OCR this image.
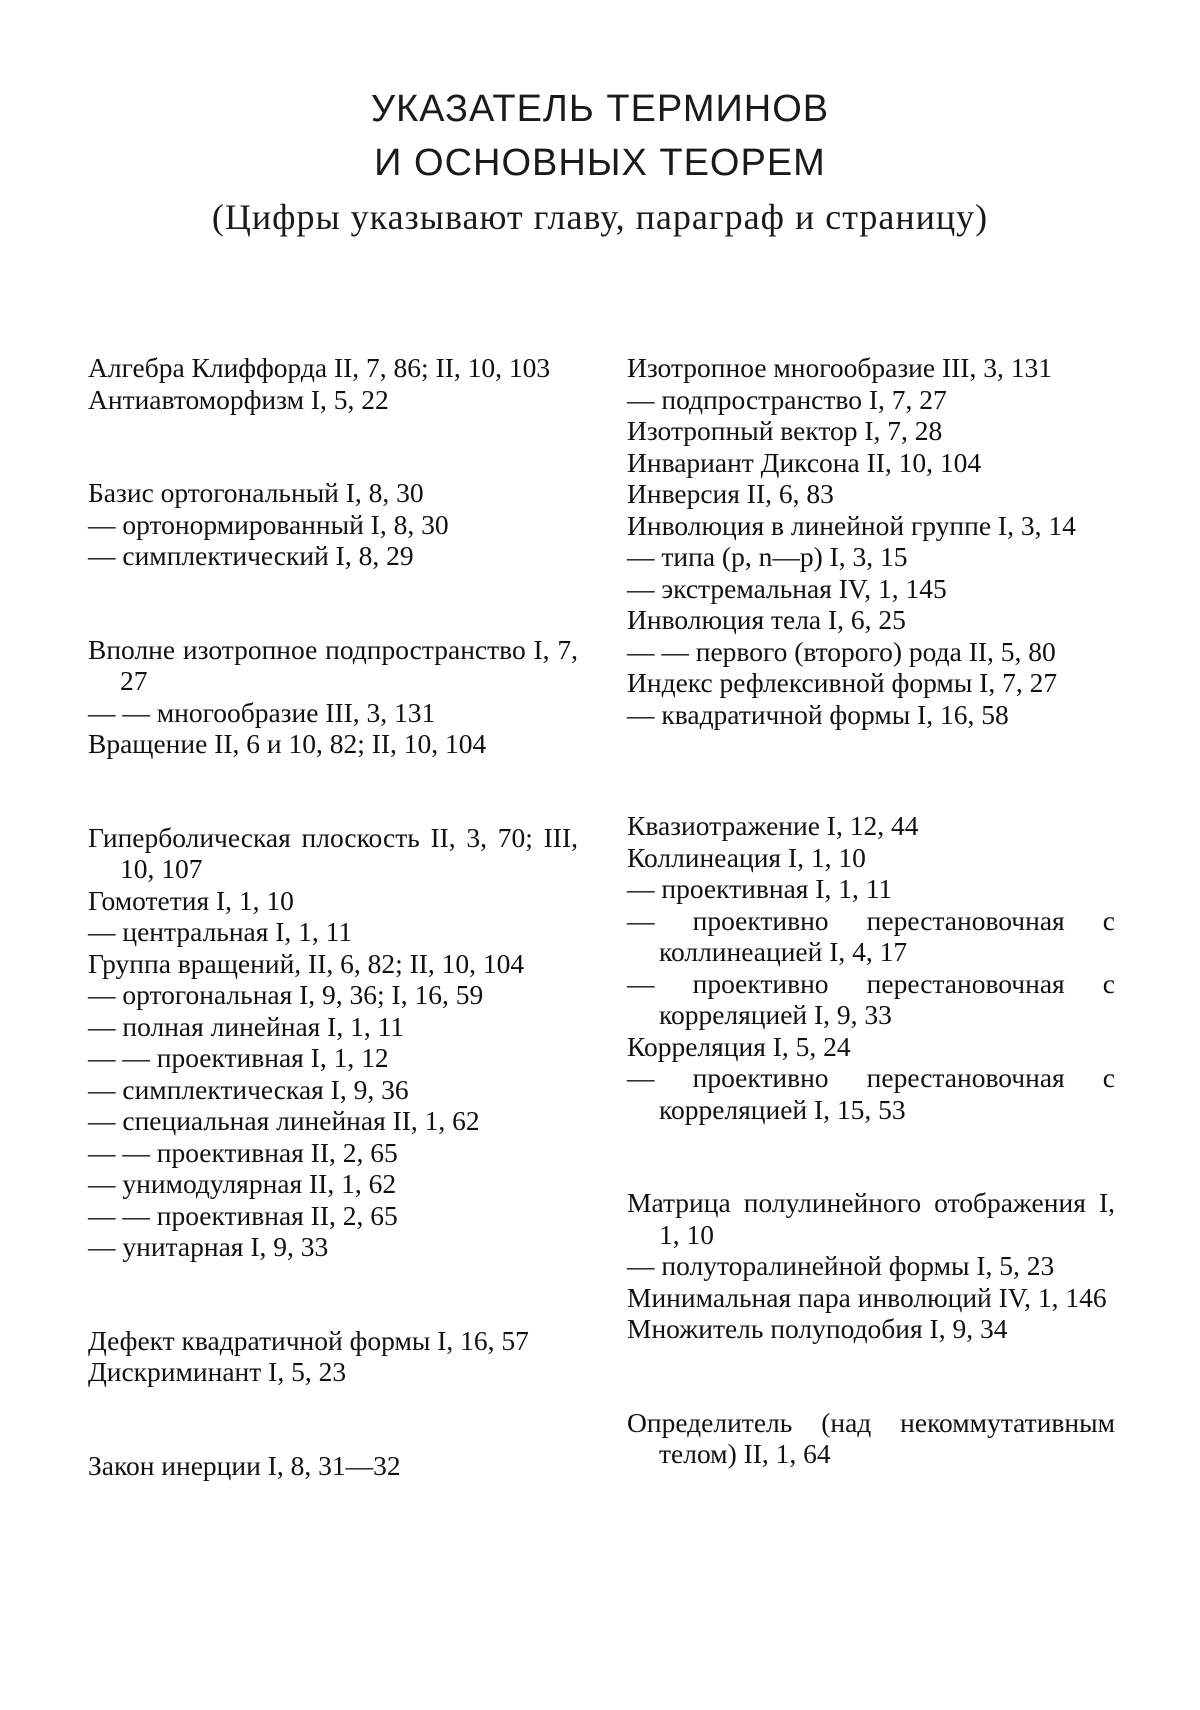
УКАЗАТЕЛЬ ТЕРМИНОВ
И ОСНОВНЫХ ТЕОРЕМ
(Цифры указывают главу, параграф и страницу)

Алгебра Клиффорда II, 7, 86; II, 10, 103

Антиавтоморфизм I, 5, 22

Базис ортогональный I, 8, 30

— ортонормированный I, 8, 30

— симплектический I, 8, 29

Вполне изотропное подпространство I, 7, 27

— — многообразие III, 3, 131

Вращение II, 6 и 10, 82; II, 10, 104

Гиперболическая плоскость II, 3, 70; III, 10, 107

Гомотетия I, 1, 10

— центральная I, 1, 11

Группа вращений, II, 6, 82; II, 10, 104

— ортогональная I, 9, 36; I, 16, 59

— полная линейная I, 1, 11

— — проективная I, 1, 12

— симплектическая I, 9, 36

— специальная линейная II, 1, 62

— — проективная II, 2, 65

— унимодулярная II, 1, 62

— — проективная II, 2, 65

— унитарная I, 9, 33

Дефект квадратичной формы I, 16, 57

Дискриминант I, 5, 23

Закон инерции I, 8, 31—32

Изотропное многообразие III, 3, 131

— подпространство I, 7, 27

Изотропный вектор I, 7, 28

Инвариант Диксона II, 10, 104

Инверсия II, 6, 83

Инволюция в линейной группе I, 3, 14

— типа (p, n—p) I, 3, 15

— экстремальная IV, 1, 145

Инволюция тела I, 6, 25

— — первого (второго) рода II, 5, 80

Индекс рефлексивной формы I, 7, 27

— квадратичной формы I, 16, 58

Квазиотражение I, 12, 44

Коллинеация I, 1, 10

— проективная I, 1, 11

— проективно перестановочная с коллинеацией I, 4, 17

— проективно перестановочная с корреляцией I, 9, 33

Корреляция I, 5, 24

— проективно перестановочная с корреляцией I, 15, 53

Матрица полулинейного отображения I, 1, 10

— полуторалинейной формы I, 5, 23

Минимальная пара инволюций IV, 1, 146

Множитель полуподобия I, 9, 34

Определитель (над некоммутативным телом) II, 1, 64
